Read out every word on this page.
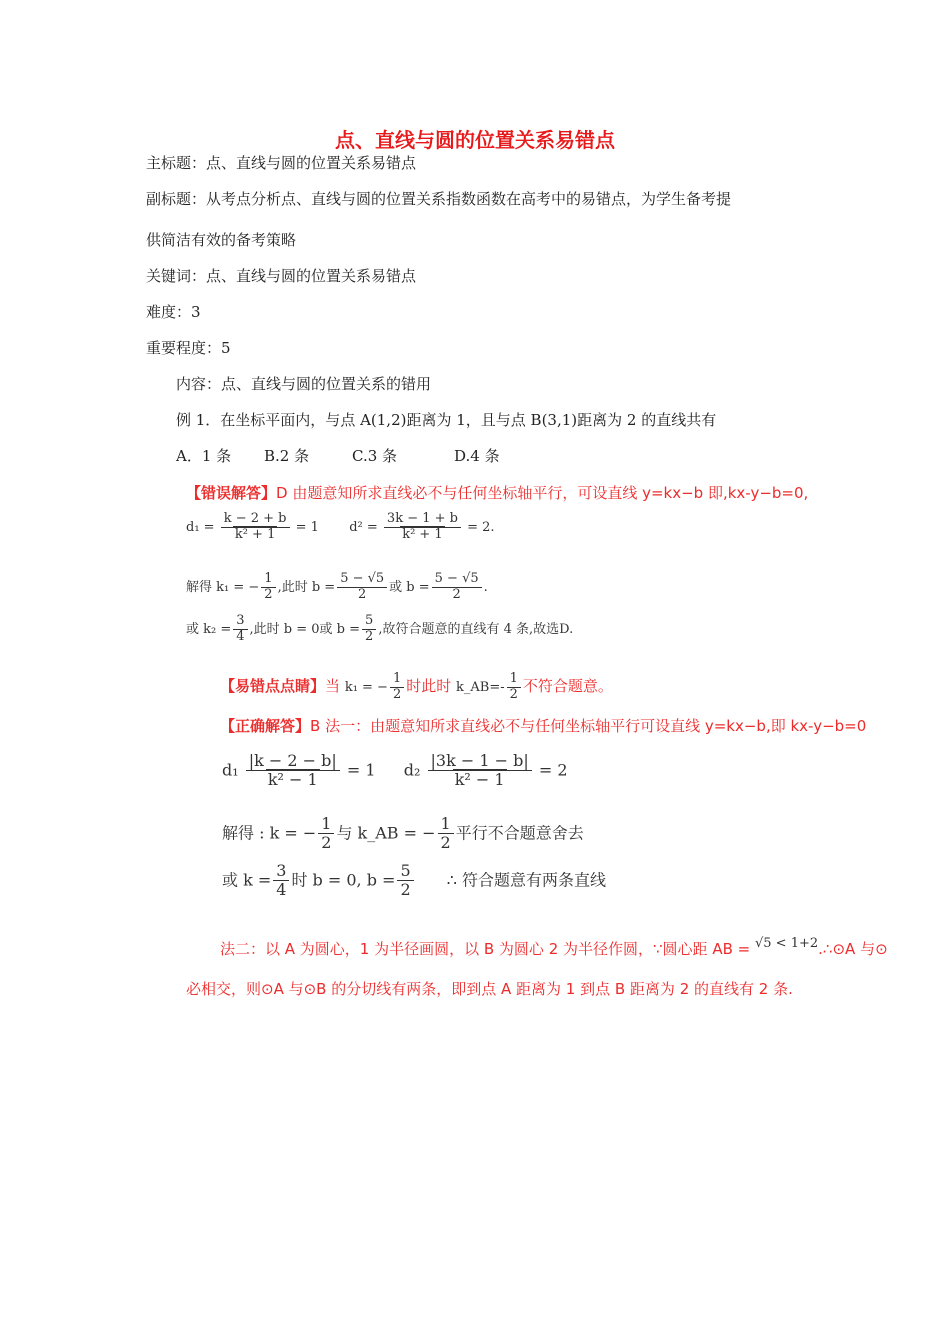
点、直线与圆的位置关系易错点
主标题：点、直线与圆的位置关系易错点
副标题：从考点分析点、直线与圆的位置关系指数函数在高考中的易错点，为学生备考提
供简洁有效的备考策略
关键词：点、直线与圆的位置关系易错点
难度：3
重要程度：5
内容：点、直线与圆的位置关系的错用
例 1．在坐标平面内，与点 A(1,2)距离为 1，且与点 B(3,1)距离为 2 的直线共有
A．1 条 B.2 条	C.3 条	D.4 条
【错误解答】D 由题意知所求直线必不与任何坐标轴平行，可设直线 y=kx−b 即,kx-y−b=0,
$d_1 = \frac{k - 2 + b}{\text{k² + 1}} = 1$ $d^2 = \frac{3k - 1 + b}{\text{k² + 1}} = 2$.
解得 k₁ = − $\frac{1}{2}$ ,此时 $b = \frac{5 - √5}{2}$ 或 $b = \frac{5 - √5}{2}$ .
或 $k_2 = \frac{3}{4}$ ,此时 b = 0或 $b = \frac{5}{2}$ ,故符合题意的直线有 4 条,故选D.
【易错点点睛】当 k₁ = − $\frac{1}{2}$ 时此时 k_AB=- $\frac{1}{2}$ 不符合题意。
【正确解答】B 法一：由题意知所求直线必不与任何坐标轴平行可设直线 y=kx−b,即 kx-y−b=0
$d_1 \frac{|k - 2 - b|}{\text{k² − 1}} = 1$ $d_2 \frac{|3k - 1 - b|}{\text{k² − 1}} = 2$
解得 : k = − $\frac{1}{2}$ 与 k_AB = − $\frac{1}{2}$ 平行不合题意舍去
或 $k = \frac{3}{4}$ 时 b = 0, $b = \frac{5}{2}$ ∴ 符合题意有两条直线
法二：以 A 为圆心，1 为半径画圆，以 B 为圆心 2 为半径作圆，∵圆心距 AB = √5 < 1+2.∴⊙A 与⊙
必相交，则⊙A 与⊙B 的分切线有两条，即到点 A 距离为 1 到点 B 距离为 2 的直线有 2 条.
